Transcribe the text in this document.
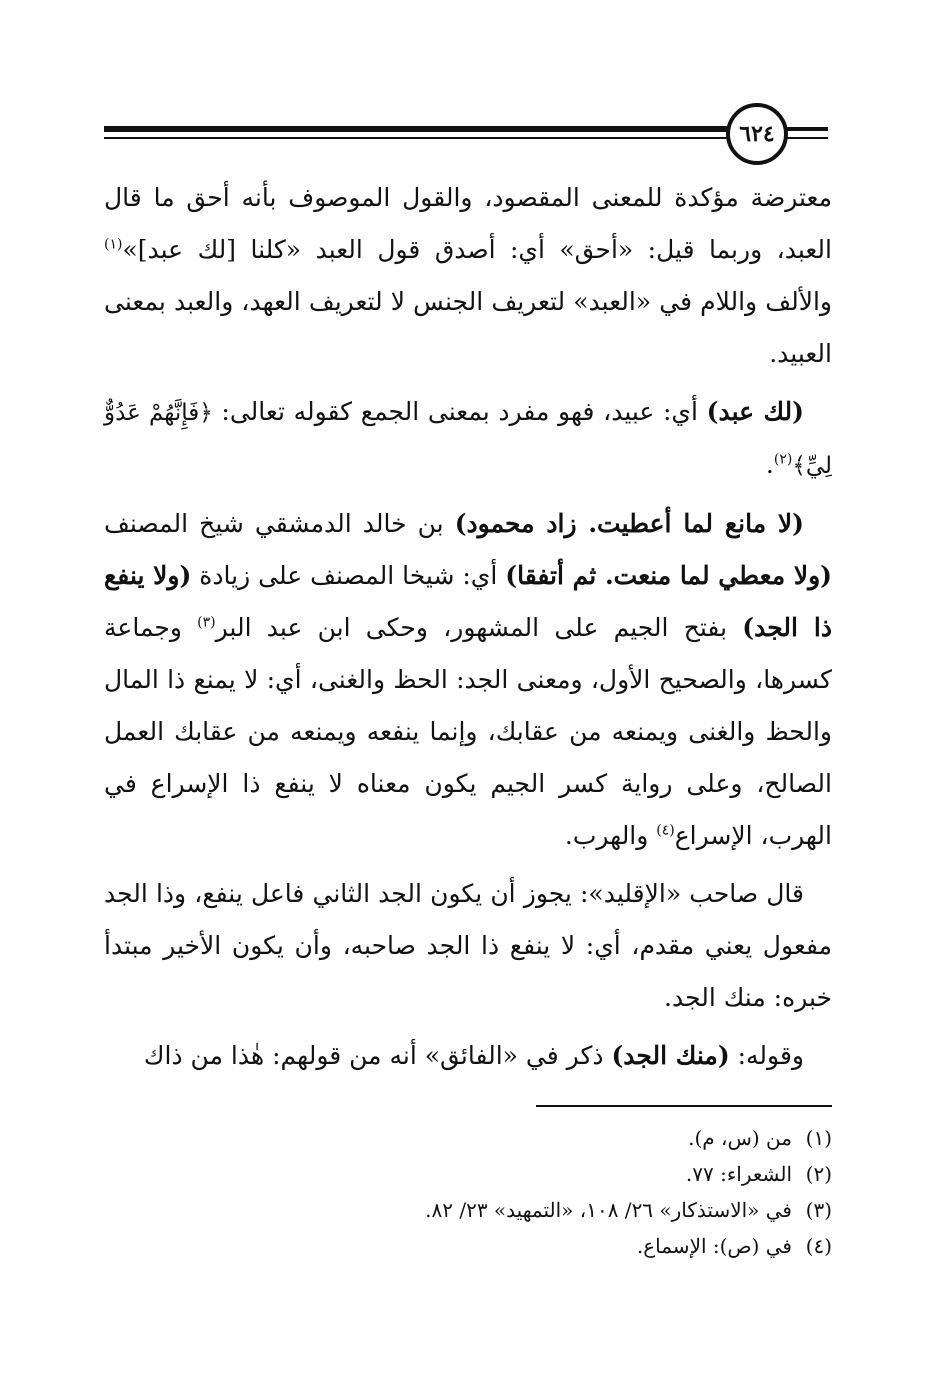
٦٢٤

معترضة مؤكدة للمعنى المقصود، والقول الموصوف بأنه أحق ما قال العبد، وربما قيل: «أحق» أي: أصدق قول العبد «كلنا [لك عبد]»$^{(١)}$ والألف واللام في «العبد» لتعريف الجنس لا لتعريف العهد، والعبد بمعنى العبيد.

(لك عبد) أي: عبيد، فهو مفرد بمعنى الجمع كقوله تعالى: ﴿فَإِنَّهُمْ عَدُوٌّ لِيِّ﴾$^{(٢)}$.

(لا مانع لما أعطيت. زاد محمود) بن خالد الدمشقي شيخ المصنف (ولا معطي لما منعت. ثم أتفقا) أي: شيخا المصنف على زيادة (ولا ينفع ذا الجد) بفتح الجيم على المشهور، وحكى ابن عبد البر$^{(٣)}$ وجماعة كسرها، والصحيح الأول، ومعنى الجد: الحظ والغنى، أي: لا يمنع ذا المال والحظ والغنى ويمنعه من عقابك، وإنما ينفعه ويمنعه من عقابك العمل الصالح، وعلى رواية كسر الجيم يكون معناه لا ينفع ذا الإسراع في الهرب، الإسراع$^{(٤)}$ والهرب.

قال صاحب «الإقليد»: يجوز أن يكون الجد الثاني فاعل ينفع، وذا الجد مفعول يعني مقدم، أي: لا ينفع ذا الجد صاحبه، وأن يكون الأخير مبتدأ خبره: منك الجد.

وقوله: (منك الجد) ذكر في «الفائق» أنه من قولهم: هٰذا من ذاك

(١)
من (س، م).
(٢)
الشعراء: ٧٧.
(٣)
في «الاستذكار» ٢٦/ ١٠٨، «التمهيد» ٢٣/ ٨٢.
(٤)
في (ص): الإسماع.
